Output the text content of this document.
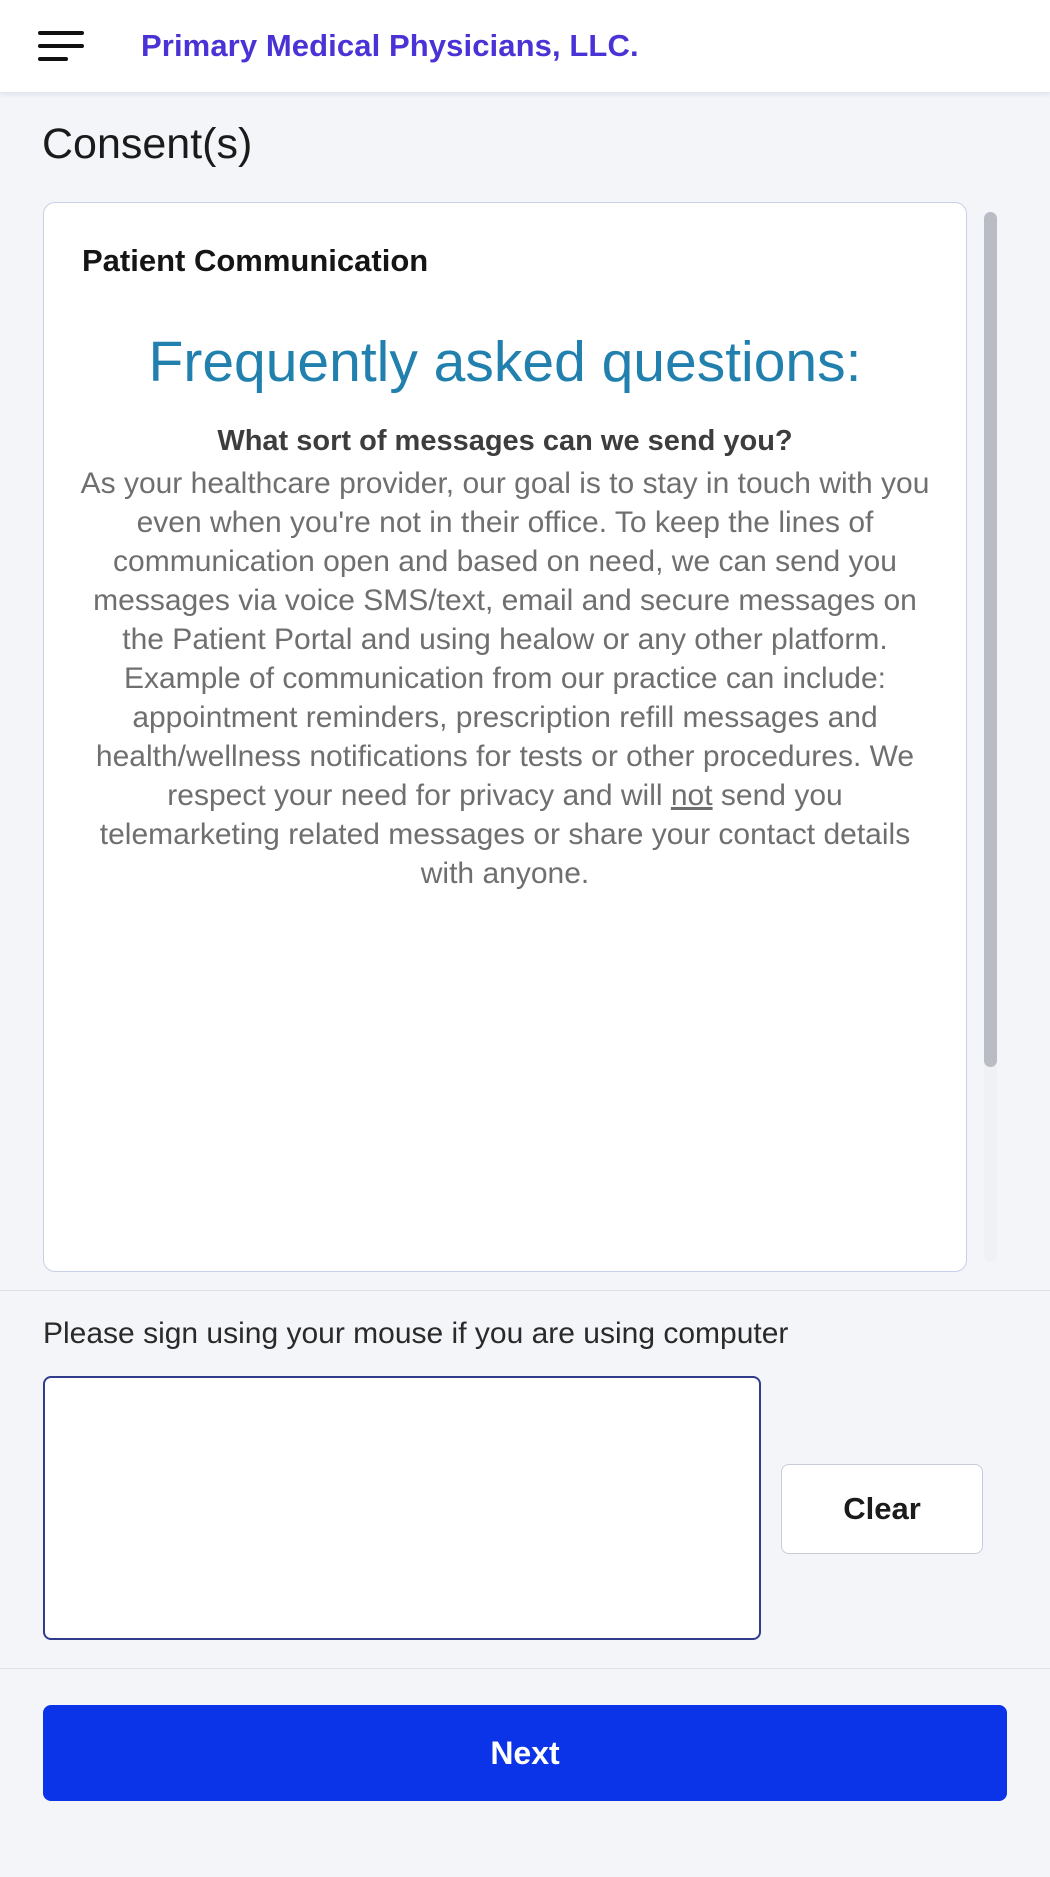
Primary Medical Physicians, LLC.
Consent(s)
Patient Communication
Frequently asked questions:
What sort of messages can we send you?
As your healthcare provider, our goal is to stay in touch with you even when you're not in their office. To keep the lines of communication open and based on need, we can send you messages via voice SMS/text, email and secure messages on the Patient Portal and using healow or any other platform. Example of communication from our practice can include: appointment reminders, prescription refill messages and health/wellness notifications for tests or other procedures. We respect your need for privacy and will not send you telemarketing related messages or share your contact details with anyone.
Please sign using your mouse if you are using computer
Clear
Next
